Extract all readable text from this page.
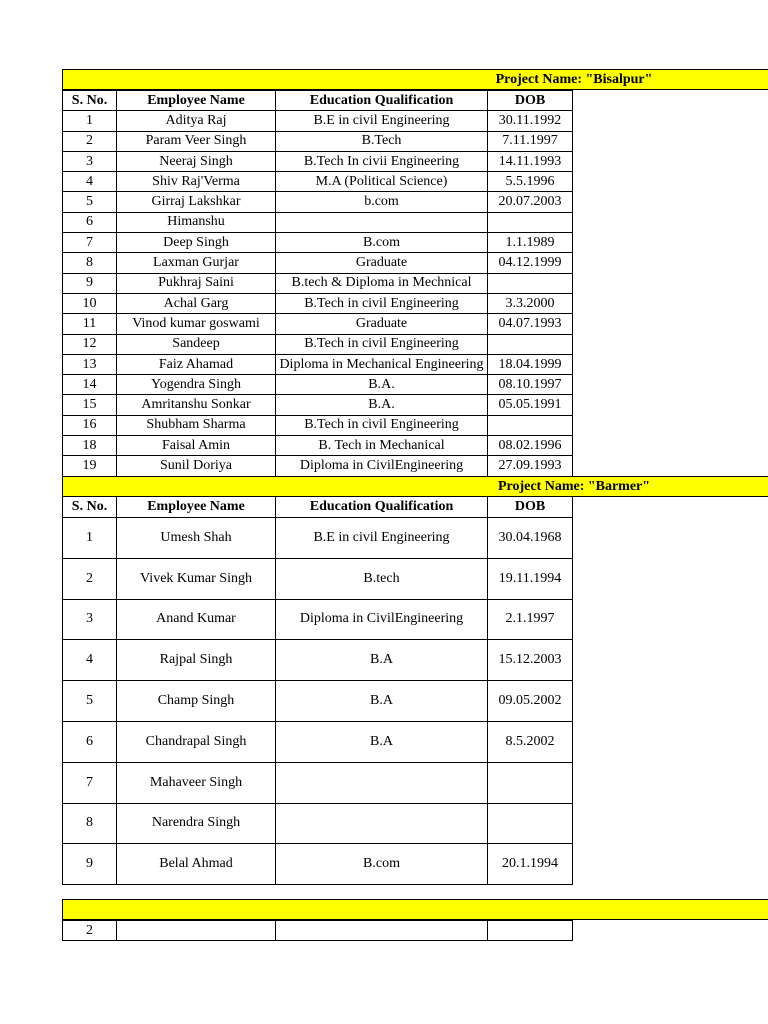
Project Name: "Bisalpur"
S. No.	Employee Name	Education Qualification	DOB
1	Aditya Raj	B.E in civil Engineering	30.11.1992
2	Param Veer Singh	B.Tech	7.11.1997
3	Neeraj Singh	B.Tech In civii Engineering	14.11.1993
4	Shiv Raj'Verma	M.A (Political Science)	5.5.1996
5	Girraj Lakshkar	b.com	20.07.2003
6	Himanshu		
7	Deep Singh	B.com	1.1.1989
8	Laxman Gurjar	Graduate	04.12.1999
9	Pukhraj Saini	B.tech & Diploma in Mechnical	
10	Achal Garg	B.Tech in civil Engineering	3.3.2000
11	Vinod kumar goswami	Graduate	04.07.1993
12	Sandeep	B.Tech in civil Engineering	
13	Faiz Ahamad	Diploma in Mechanical Engineering	18.04.1999
14	Yogendra Singh	B.A.	08.10.1997
15	Amritanshu Sonkar	B.A.	05.05.1991
16	Shubham Sharma	B.Tech in civil Engineering	
18	Faisal Amin	B. Tech in Mechanical	08.02.1996
19	Sunil Doriya	Diploma in CivilEngineering	27.09.1993
Project Name: "Barmer"
S. No.	Employee Name	Education Qualification	DOB
1	Umesh Shah	B.E in civil Engineering	30.04.1968
2	Vivek Kumar Singh	B.tech	19.11.1994
3	Anand Kumar	Diploma in CivilEngineering	2.1.1997
4	Rajpal Singh	B.A	15.12.2003
5	Champ Singh	B.A	09.05.2002
6	Chandrapal Singh	B.A	8.5.2002
7	Mahaveer Singh		
8	Narendra Singh		
9	Belal Ahmad	B.com	20.1.1994
2			
